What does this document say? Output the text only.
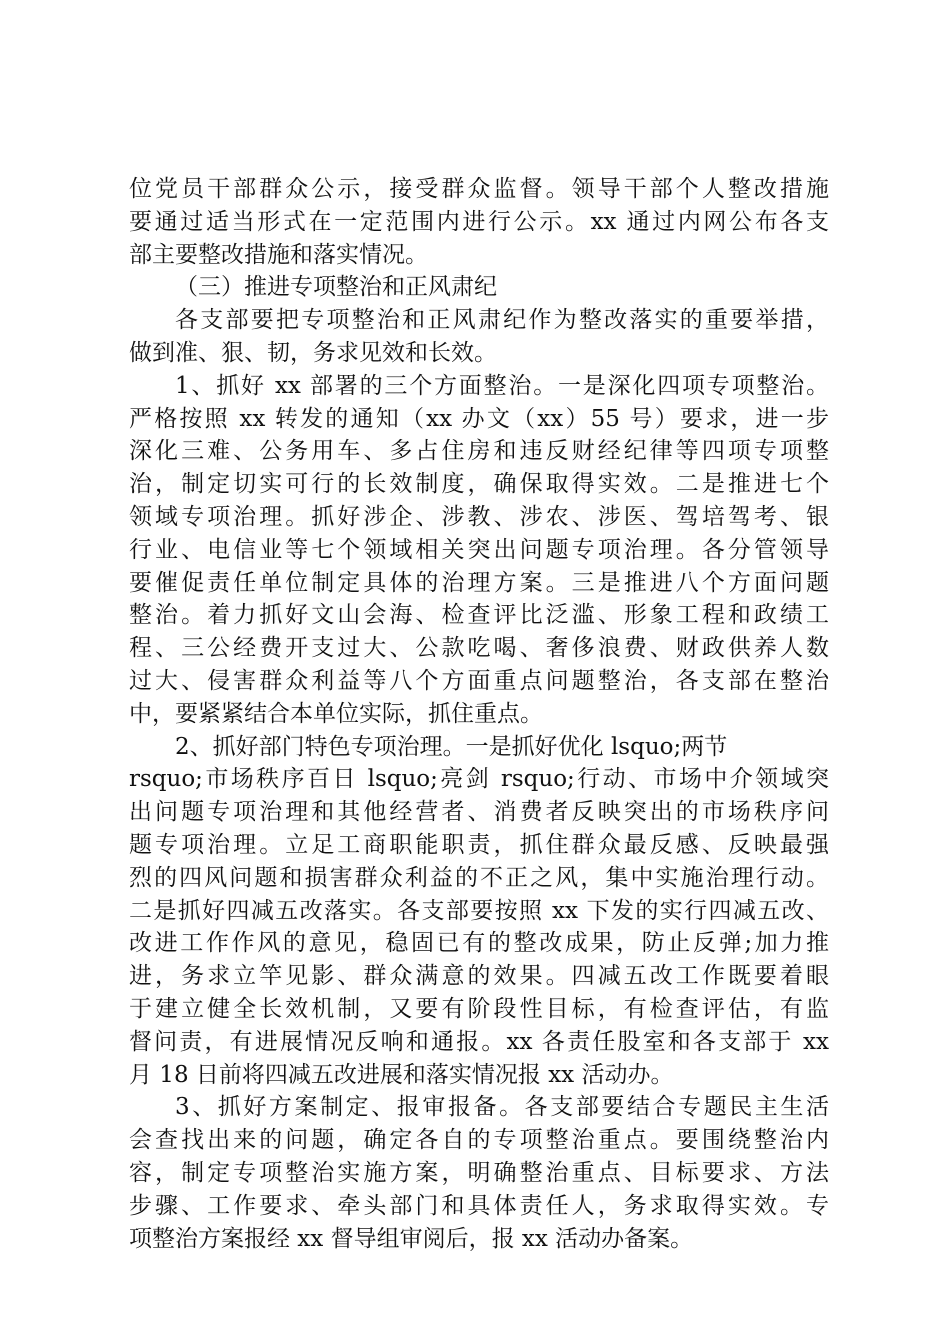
位党员干部群众公示，接受群众监督。领导干部个人整改措施
要通过适当形式在一定范围内进行公示。xx 通过内网公布各支
部主要整改措施和落实情况。
（三）推进专项整治和正风肃纪
各支部要把专项整治和正风肃纪作为整改落实的重要举措，
做到准、狠、韧，务求见效和长效。
1、抓好 xx 部署的三个方面整治。一是深化四项专项整治。
严格按照 xx 转发的通知（xx 办文（xx）55 号）要求，进一步
深化三难、公务用车、多占住房和违反财经纪律等四项专项整
治，制定切实可行的长效制度，确保取得实效。二是推进七个
领域专项治理。抓好涉企、涉教、涉农、涉医、驾培驾考、银
行业、电信业等七个领域相关突出问题专项治理。各分管领导
要催促责任单位制定具体的治理方案。三是推进八个方面问题
整治。着力抓好文山会海、检查评比泛滥、形象工程和政绩工
程、三公经费开支过大、公款吃喝、奢侈浪费、财政供养人数
过大、侵害群众利益等八个方面重点问题整治，各支部在整治
中，要紧紧结合本单位实际，抓住重点。
2、抓好部门特色专项治理。一是抓好优化 lsquo;两节
rsquo;市场秩序百日 lsquo;亮剑 rsquo;行动、市场中介领域突
出问题专项治理和其他经营者、消费者反映突出的市场秩序问
题专项治理。立足工商职能职责，抓住群众最反感、反映最强
烈的四风问题和损害群众利益的不正之风，集中实施治理行动。
二是抓好四减五改落实。各支部要按照 xx 下发的实行四减五改、
改进工作作风的意见，稳固已有的整改成果，防止反弹;加力推
进，务求立竿见影、群众满意的效果。四减五改工作既要着眼
于建立健全长效机制，又要有阶段性目标，有检查评估，有监
督问责，有进展情况反响和通报。xx 各责任股室和各支部于 xx
月 18 日前将四减五改进展和落实情况报 xx 活动办。
3、抓好方案制定、报审报备。各支部要结合专题民主生活
会查找出来的问题，确定各自的专项整治重点。要围绕整治内
容，制定专项整治实施方案，明确整治重点、目标要求、方法
步骤、工作要求、牵头部门和具体责任人，务求取得实效。专
项整治方案报经 xx 督导组审阅后，报 xx 活动办备案。
